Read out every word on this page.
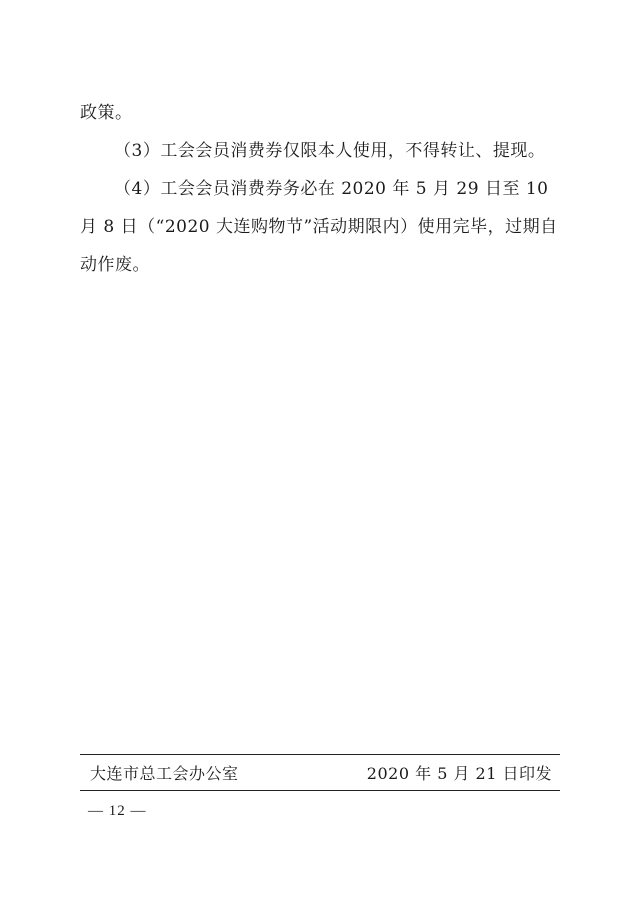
政策。

（3）工会会员消费券仅限本人使用，不得转让、提现。

（4）工会会员消费券务必在 2020 年 5 月 29 日至 10 月 8 日（“2020 大连购物节”活动期限内）使用完毕，过期自动作废。

大连市总工会办公室	2020 年 5 月 21 日印发
— 12 —
